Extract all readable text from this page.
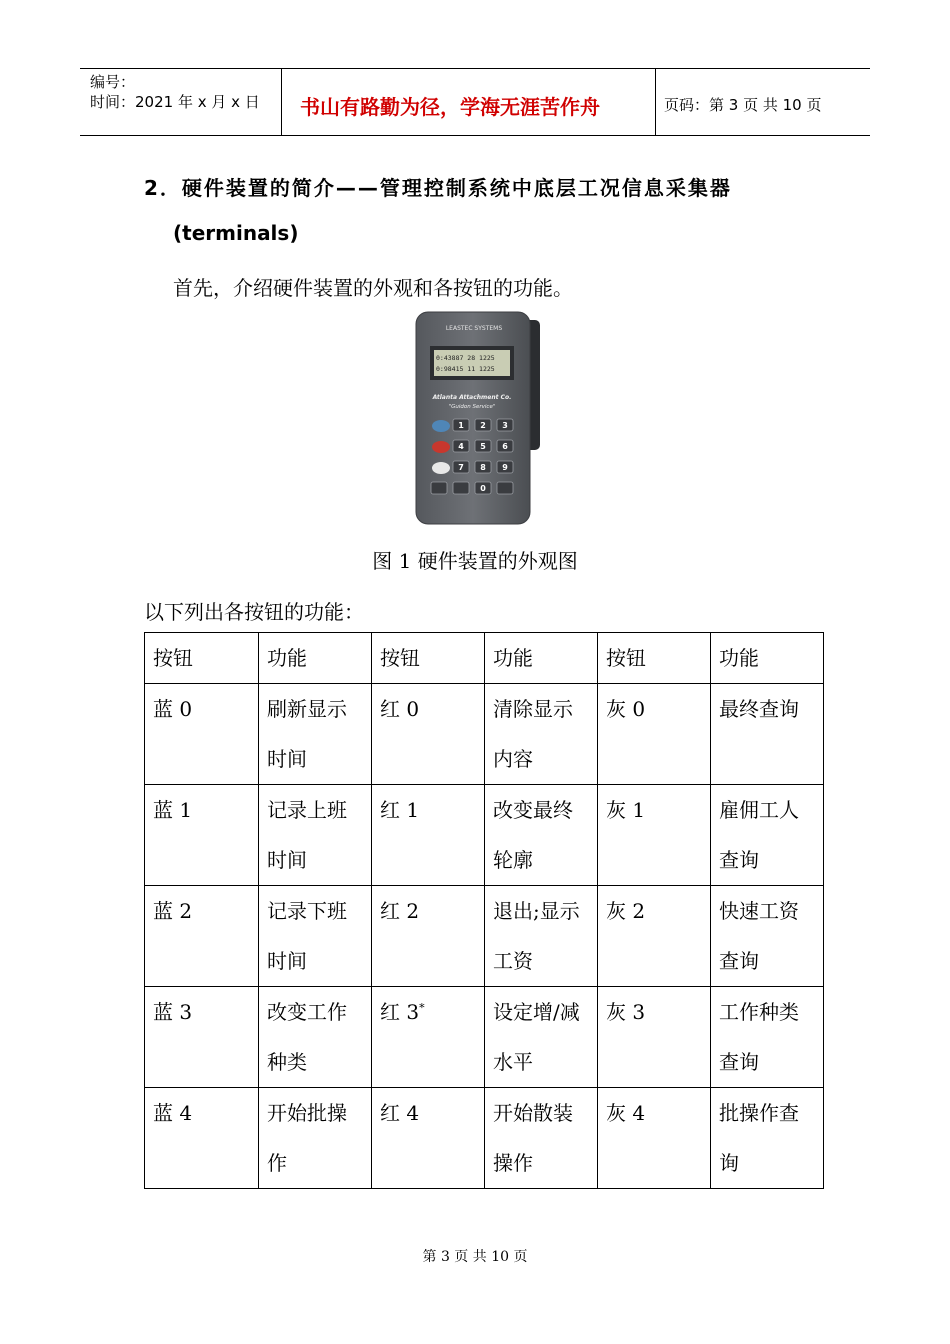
编号：
时间：2021 年 x 月 x 日 书山有路勤为径，学海无涯苦作舟	页码：第 3 页 共 10 页
2．硬件装置的简介——管理控制系统中底层工况信息采集器
(terminals)
首先，介绍硬件装置的外观和各按钮的功能。
LEASTEC SYSTEMS
0:43887 28 1225
0:98415 11 1225
Atlanta Attachment Co.
"Guidon Service"
1 2 3
4 5 6
7 8 9
0
图 1 硬件装置的外观图
以下列出各按钮的功能：
按钮	功能	按钮	功能	按钮	功能
蓝 0	刷新显示时间	红 0	清除显示内容	灰 0	最终查询
蓝 1	记录上班时间	红 1	改变最终轮廓	灰 1	雇佣工人查询
蓝 2	记录下班时间	红 2	退出;显示工资	灰 2	快速工资查询
蓝 3	改变工作种类	红 3*	设定增/减水平	灰 3	工作种类查询
蓝 4	开始批操作	红 4	开始散装操作	灰 4	批操作查询
第 3 页 共 10 页
